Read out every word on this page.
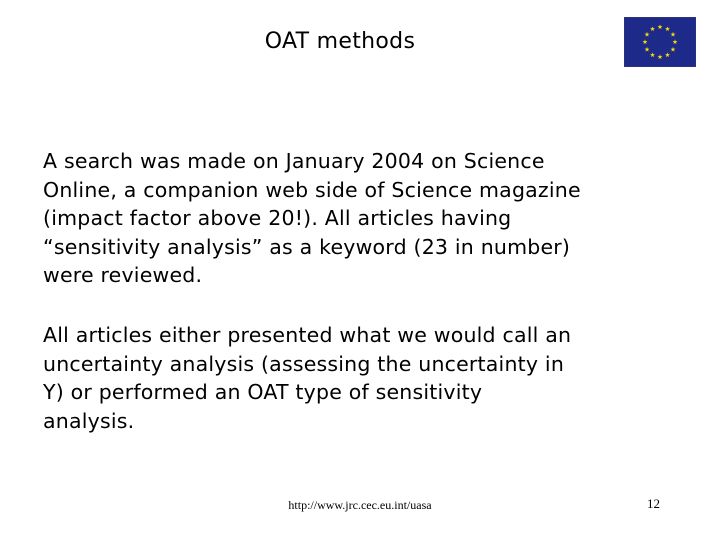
OAT methods
A search was made on January 2004 on Science
Online, a companion web side of Science magazine
(impact factor above 20!). All articles having
“sensitivity analysis” as a keyword (23 in number)
were reviewed.
All articles either presented what we would call an
uncertainty analysis (assessing the uncertainty in
Y) or performed an OAT type of sensitivity
analysis.
http://www.jrc.cec.eu.int/uasa	12
